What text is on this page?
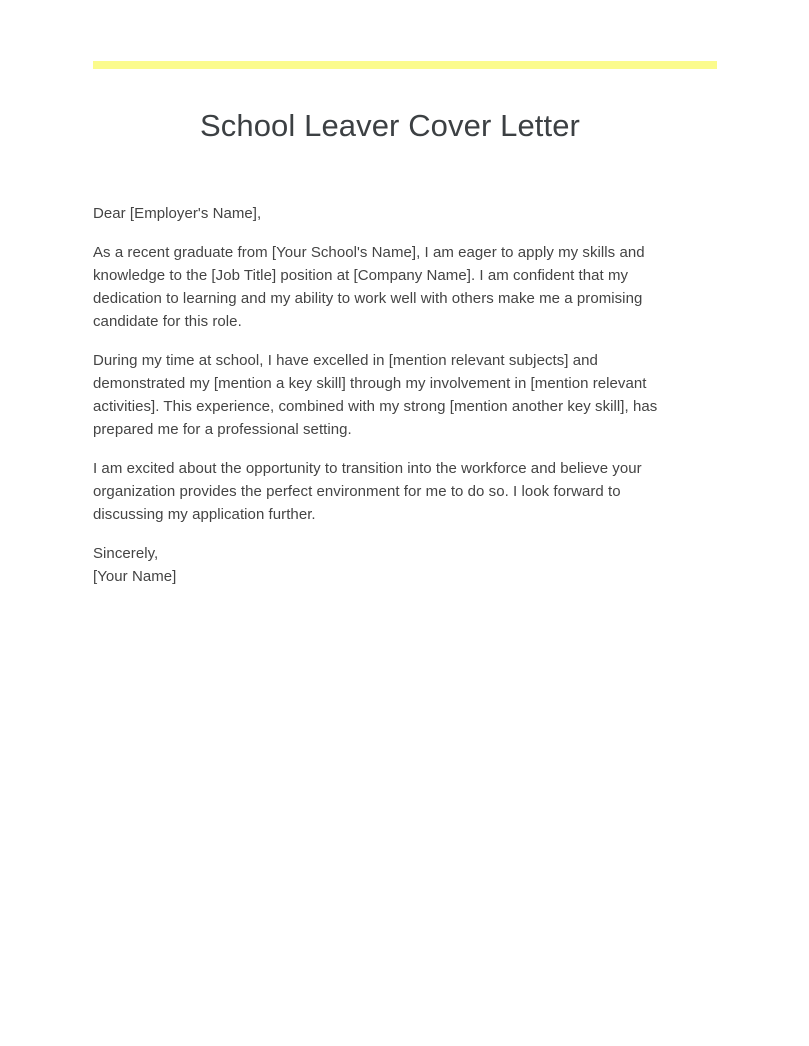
School Leaver Cover Letter

Dear [Employer's Name],

As a recent graduate from [Your School's Name], I am eager to apply my skills and knowledge to the [Job Title] position at [Company Name]. I am confident that my dedication to learning and my ability to work well with others make me a promising candidate for this role.

During my time at school, I have excelled in [mention relevant subjects] and demonstrated my [mention a key skill] through my involvement in [mention relevant activities]. This experience, combined with my strong [mention another key skill], has prepared me for a professional setting.

I am excited about the opportunity to transition into the workforce and believe your organization provides the perfect environment for me to do so. I look forward to discussing my application further.

Sincerely,
[Your Name]
